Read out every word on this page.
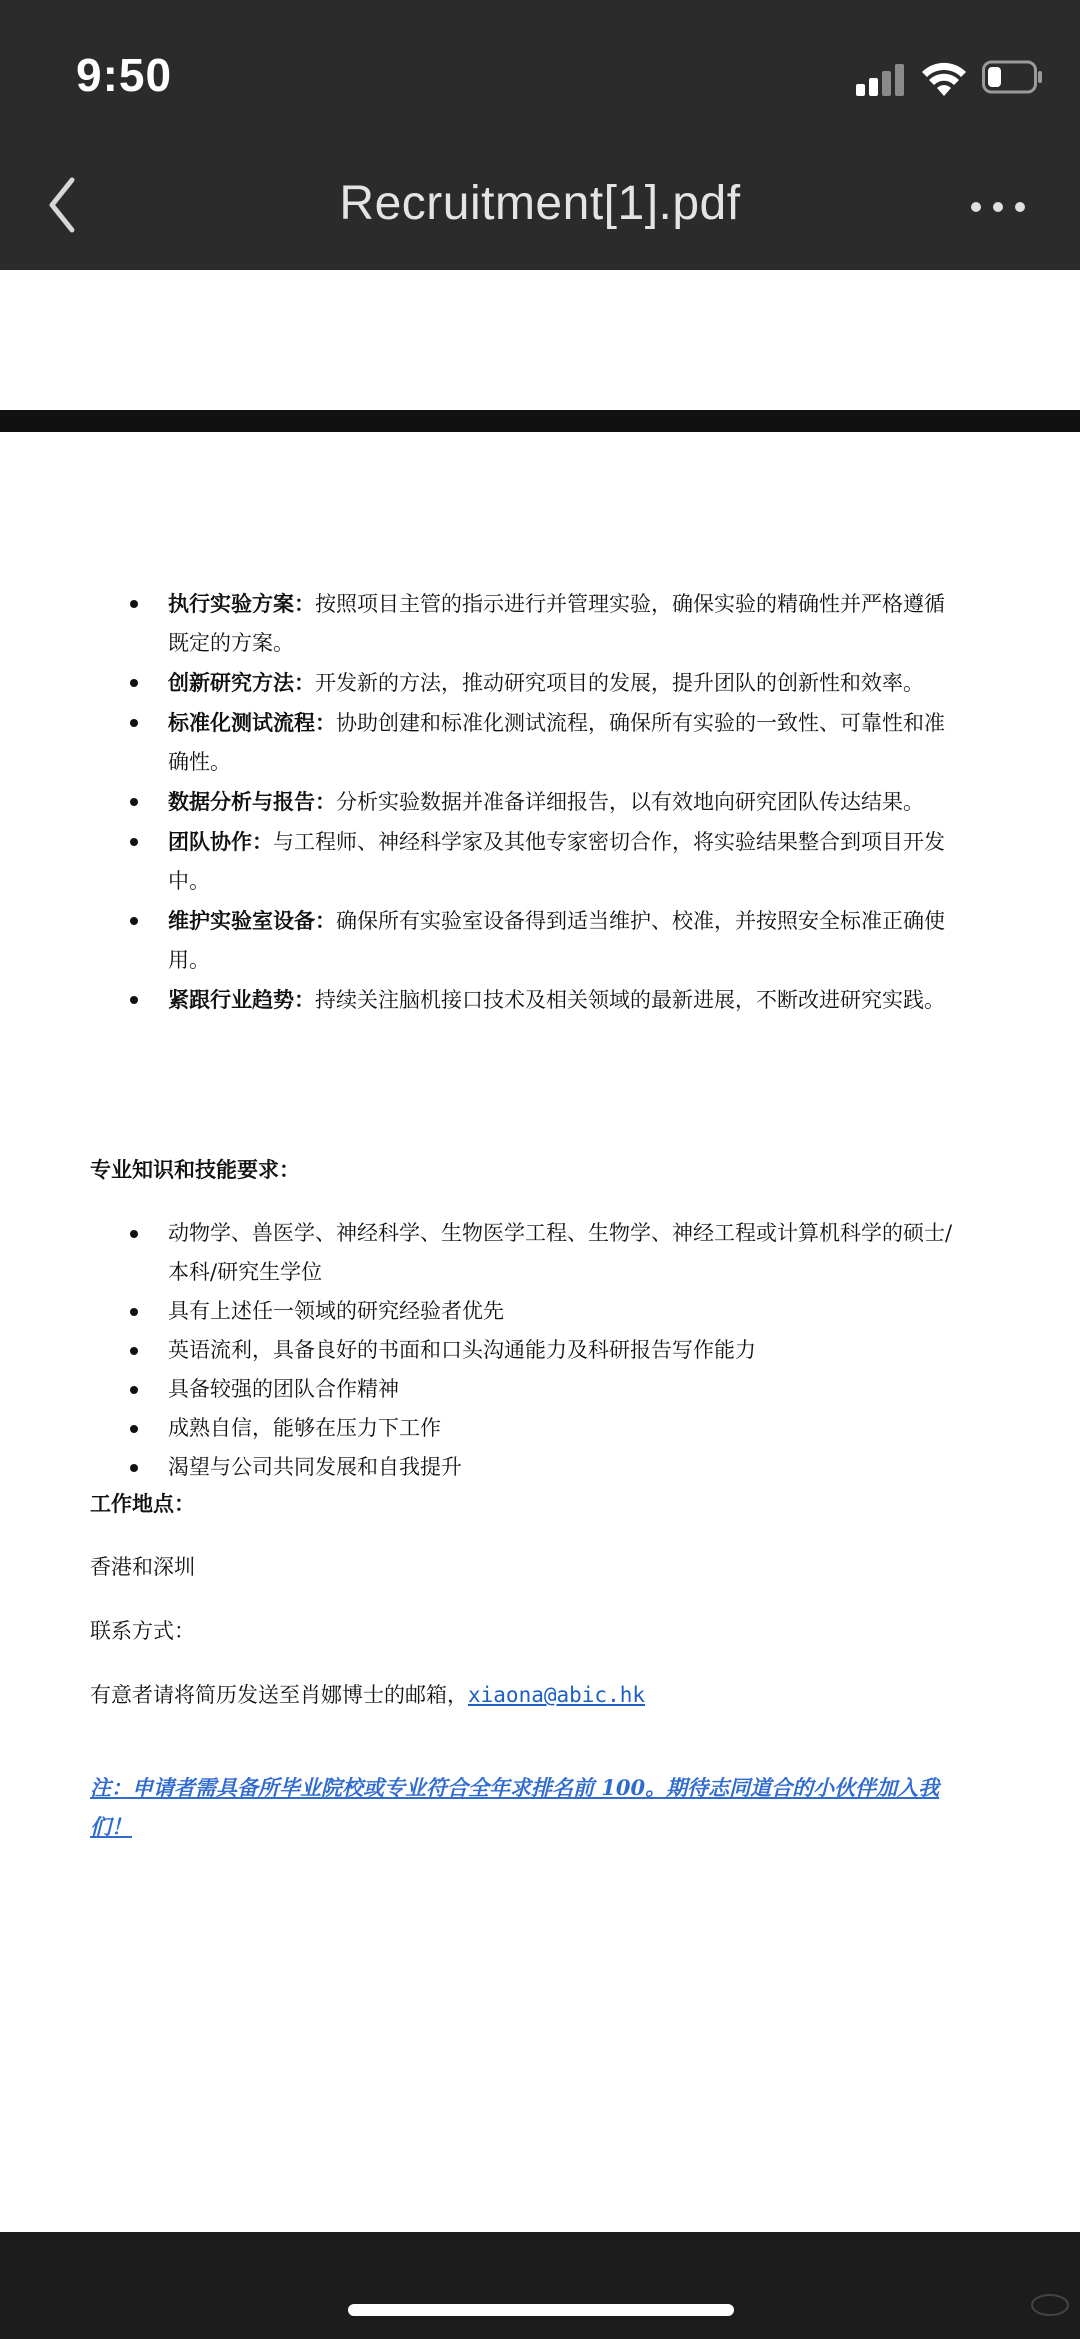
9:50
Recruitment[1].pdf
执行实验方案：按照项目主管的指示进行并管理实验，确保实验的精确性并严格遵循既定的方案。
创新研究方法：开发新的方法，推动研究项目的发展，提升团队的创新性和效率。
标准化测试流程：协助创建和标准化测试流程，确保所有实验的一致性、可靠性和准确性。
数据分析与报告：分析实验数据并准备详细报告，以有效地向研究团队传达结果。
团队协作：与工程师、神经科学家及其他专家密切合作，将实验结果整合到项目开发中。
维护实验室设备：确保所有实验室设备得到适当维护、校准，并按照安全标准正确使用。
紧跟行业趋势：持续关注脑机接口技术及相关领域的最新进展，不断改进研究实践。
专业知识和技能要求：
动物学、兽医学、神经科学、生物医学工程、生物学、神经工程或计算机科学的硕士/本科/研究生学位
具有上述任一领域的研究经验者优先
英语流利，具备良好的书面和口头沟通能力及科研报告写作能力
具备较强的团队合作精神
成熟自信，能够在压力下工作
渴望与公司共同发展和自我提升
工作地点：
香港和深圳
联系方式：
有意者请将简历发送至肖娜博士的邮箱，xiaona@abic.hk
注：申请者需具备所毕业院校或专业符合全年求排名前 100。期待志同道合的小伙伴加入我们！
